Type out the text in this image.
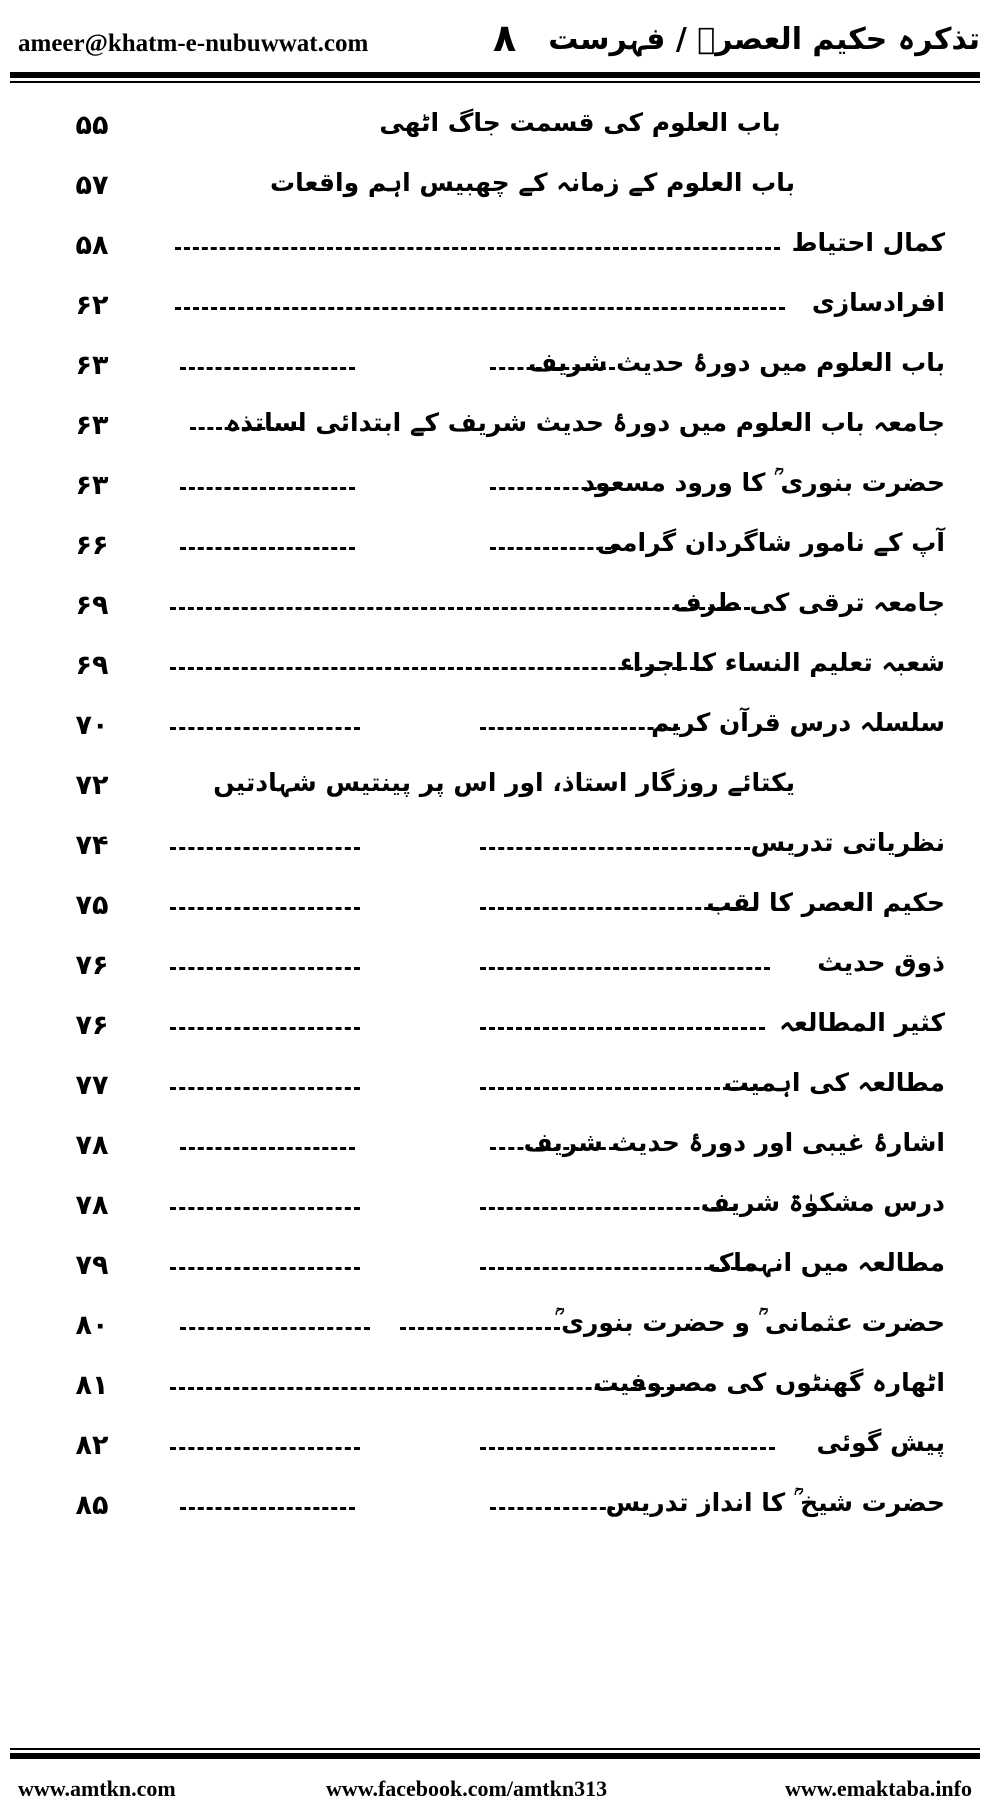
ameer@khatm-e-nubuwwat.com	٨ تذکرہ حکیم العصرؒ / فہرست
۵۵	باب العلوم کی قسمت جاگ اٹھی
۵۷	باب العلوم کے زمانہ کے چھبیس اہم واقعات
۵۸	کمال احتیاط
۶۲	افرادسازی
۶۳	باب العلوم میں دورۂ حدیث شریف
۶۳	جامعہ باب العلوم میں دورۂ حدیث شریف کے ابتدائی اساتذہ
۶۳	حضرت بنوری ؒ کا ورود مسعود
۶۶	آپ کے نامور شاگردان گرامی
۶۹	جامعہ ترقی کی طرف
۶۹	شعبہ تعلیم النساء کا اجراء
۷۰	سلسلہ درس قرآن کریم
۷۲	یکتائے روزگار استاذ، اور اس پر پینتیس شہادتیں
۷۴	نظریاتی تدریس
۷۵	حکیم العصر کا لقب
۷۶	ذوق حدیث
۷۶	کثیر المطالعہ
۷۷	مطالعہ کی اہمیت
۷۸	اشارۂ غیبی اور دورۂ حدیث شریف
۷۸	درس مشکوٰۃ شریف
۷۹	مطالعہ میں انہماک
۸۰	حضرت عثمانی ؒ و حضرت بنوری ؒ
۸۱	اٹھارہ گھنٹوں کی مصروفیت
۸۲	پیش گوئی
۸۵	حضرت شیخ ؒ کا انداز تدریس
www.amtkn.com	www.facebook.com/amtkn313	www.emaktaba.info
